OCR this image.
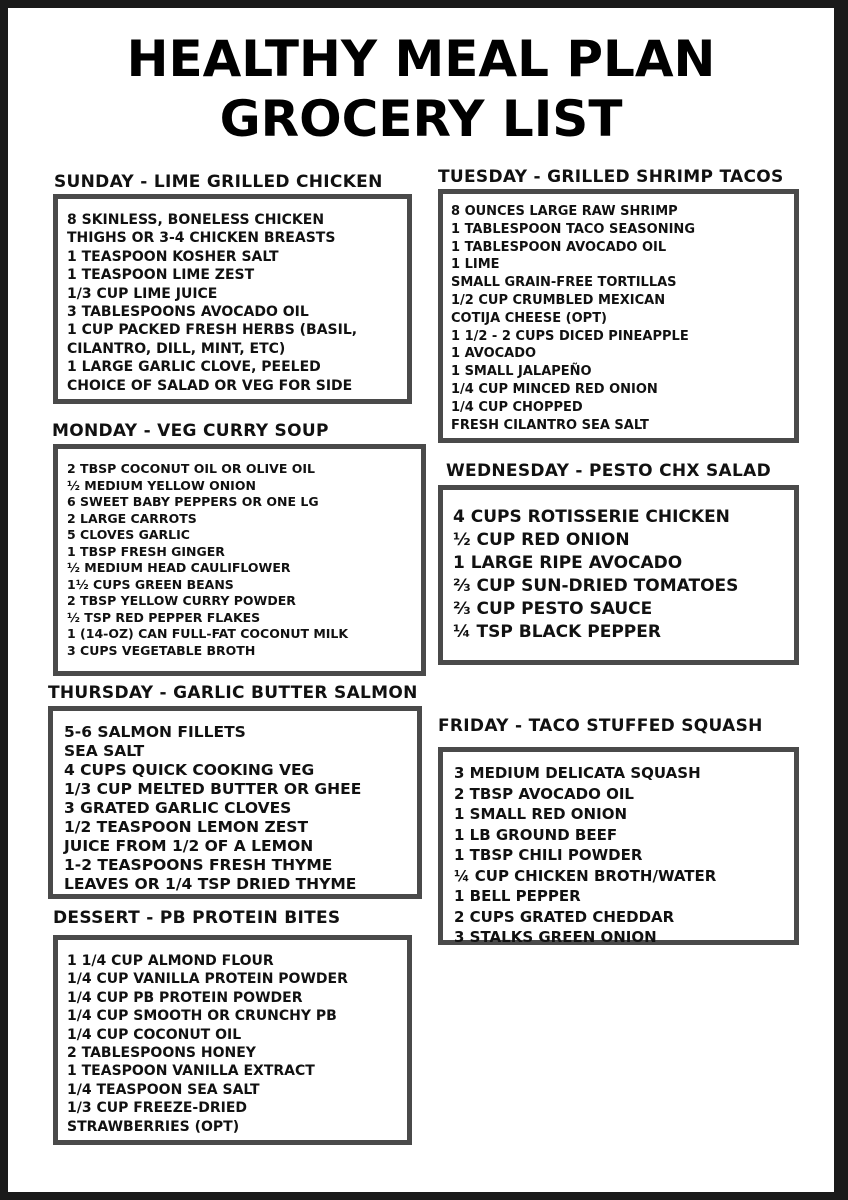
HEALTHY MEAL PLAN
GROCERY LIST
SUNDAY - LIME GRILLED CHICKEN
8 SKINLESS, BONELESS CHICKEN
THIGHS OR 3-4 CHICKEN BREASTS
1 TEASPOON KOSHER SALT
1 TEASPOON LIME ZEST
1/3 CUP LIME JUICE
3 TABLESPOONS AVOCADO OIL
1 CUP PACKED FRESH HERBS (BASIL,
CILANTRO, DILL, MINT, ETC)
1 LARGE GARLIC CLOVE, PEELED
CHOICE OF SALAD OR VEG FOR SIDE
TUESDAY - GRILLED SHRIMP TACOS
8 OUNCES LARGE RAW SHRIMP
1 TABLESPOON TACO SEASONING
1 TABLESPOON AVOCADO OIL
1 LIME
SMALL GRAIN-FREE TORTILLAS
1/2 CUP CRUMBLED MEXICAN
COTIJA CHEESE (OPT)
1 1/2 - 2 CUPS DICED PINEAPPLE
1 AVOCADO
1 SMALL JALAPEÑO
1/4 CUP MINCED RED ONION
1/4 CUP CHOPPED
FRESH CILANTRO SEA SALT
MONDAY - VEG CURRY SOUP
2 TBSP COCONUT OIL OR OLIVE OIL
½ MEDIUM YELLOW ONION
6 SWEET BABY PEPPERS OR ONE LG
2 LARGE CARROTS
5 CLOVES GARLIC
1 TBSP FRESH GINGER
½ MEDIUM HEAD CAULIFLOWER
1½ CUPS GREEN BEANS
2 TBSP YELLOW CURRY POWDER
½ TSP RED PEPPER FLAKES
1 (14-OZ) CAN FULL-FAT COCONUT MILK
3 CUPS VEGETABLE BROTH
WEDNESDAY - PESTO CHX SALAD
4 CUPS ROTISSERIE CHICKEN
½ CUP RED ONION
1 LARGE RIPE AVOCADO
⅔ CUP SUN-DRIED TOMATOES
⅔ CUP PESTO SAUCE
¼ TSP BLACK PEPPER
THURSDAY - GARLIC BUTTER SALMON
5-6 SALMON FILLETS
SEA SALT
4 CUPS QUICK COOKING VEG
1/3 CUP MELTED BUTTER OR GHEE
3 GRATED GARLIC CLOVES
1/2 TEASPOON LEMON ZEST
JUICE FROM 1/2 OF A LEMON
1-2 TEASPOONS FRESH THYME
LEAVES OR 1/4 TSP DRIED THYME
FRIDAY - TACO STUFFED SQUASH
3 MEDIUM DELICATA SQUASH
2 TBSP AVOCADO OIL
1 SMALL RED ONION
1 LB GROUND BEEF
1 TBSP CHILI POWDER
¼ CUP CHICKEN BROTH/WATER
1 BELL PEPPER
2 CUPS GRATED CHEDDAR
3 STALKS GREEN ONION
DESSERT - PB PROTEIN BITES
1 1/4 CUP ALMOND FLOUR
1/4 CUP VANILLA PROTEIN POWDER
1/4 CUP PB PROTEIN POWDER
1/4 CUP SMOOTH OR CRUNCHY PB
1/4 CUP COCONUT OIL
2 TABLESPOONS HONEY
1 TEASPOON VANILLA EXTRACT
1/4 TEASPOON SEA SALT
1/3 CUP FREEZE-DRIED
STRAWBERRIES (OPT)
